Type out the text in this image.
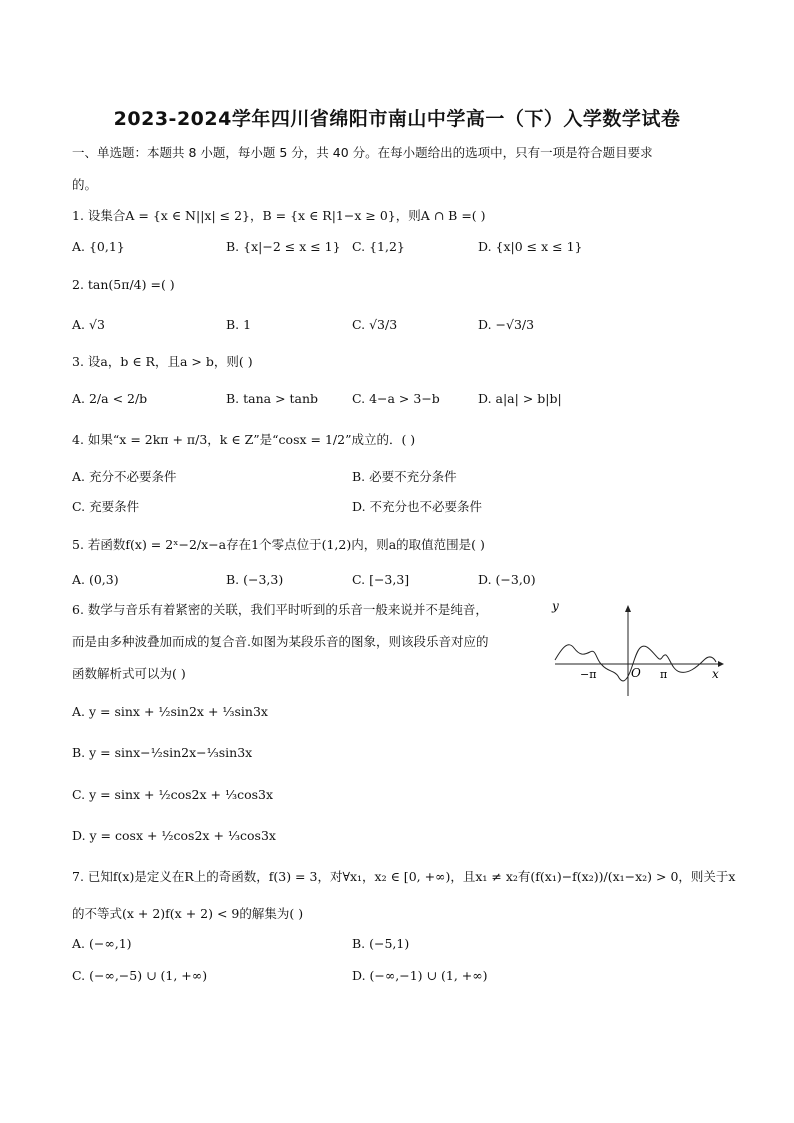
2023-2024学年四川省绵阳市南山中学高一（下）入学数学试卷
一、单选题：本题共 8 小题，每小题 5 分，共 40 分。在每小题给出的选项中，只有一项是符合题目要求
的。
1. 设集合A = {x ∈ N||x| ≤ 2}，B = {x ∈ R|1−x ≥ 0}，则A ∩ B =( )
A. {0,1}	B. {x|−2 ≤ x ≤ 1} C. {1,2}	D. {x|0 ≤ x ≤ 1}
2. tan(5π/4) =( )
A. √3	B. 1	C. √3/3	D. −√3/3
3. 设a，b ∈ R，且a > b，则( )
A. 2/a < 2/b	B. tana > tanb	C. 4−a > 3−b	D. a|a| > b|b|
4. 如果“x = 2kπ + π/3，k ∈ Z”是“cosx = 1/2”成立的．( )
A. 充分不必要条件	B. 必要不充分条件
C. 充要条件	D. 不充分也不必要条件
5. 若函数f(x) = 2ˣ−2/x−a存在1个零点位于(1,2)内，则a的取值范围是( )
A. (0,3)	B. (−3,3)	C. [−3,3]	D. (−3,0)
6. 数学与音乐有着紧密的关联，我们平时听到的乐音一般来说并不是纯音，
而是由多种波叠加而成的复合音.如图为某段乐音的图象，则该段乐音对应的
函数解析式可以为( )
A. y = sinx + ½sin2x + ⅓sin3x
B. y = sinx−½sin2x−⅓sin3x
C. y = sinx + ½cos2x + ⅓cos3x
D. y = cosx + ½cos2x + ⅓cos3x
y
x
O
−π	π
7. 已知f(x)是定义在R上的奇函数，f(3) = 3，对∀x₁，x₂ ∈ [0, +∞)，且x₁ ≠ x₂有(f(x₁)−f(x₂))/(x₁−x₂) > 0，则关于x
的不等式(x + 2)f(x + 2) < 9的解集为( )
A. (−∞,1)	B. (−5,1)
C. (−∞,−5) ∪ (1, +∞)	D. (−∞,−1) ∪ (1, +∞)
